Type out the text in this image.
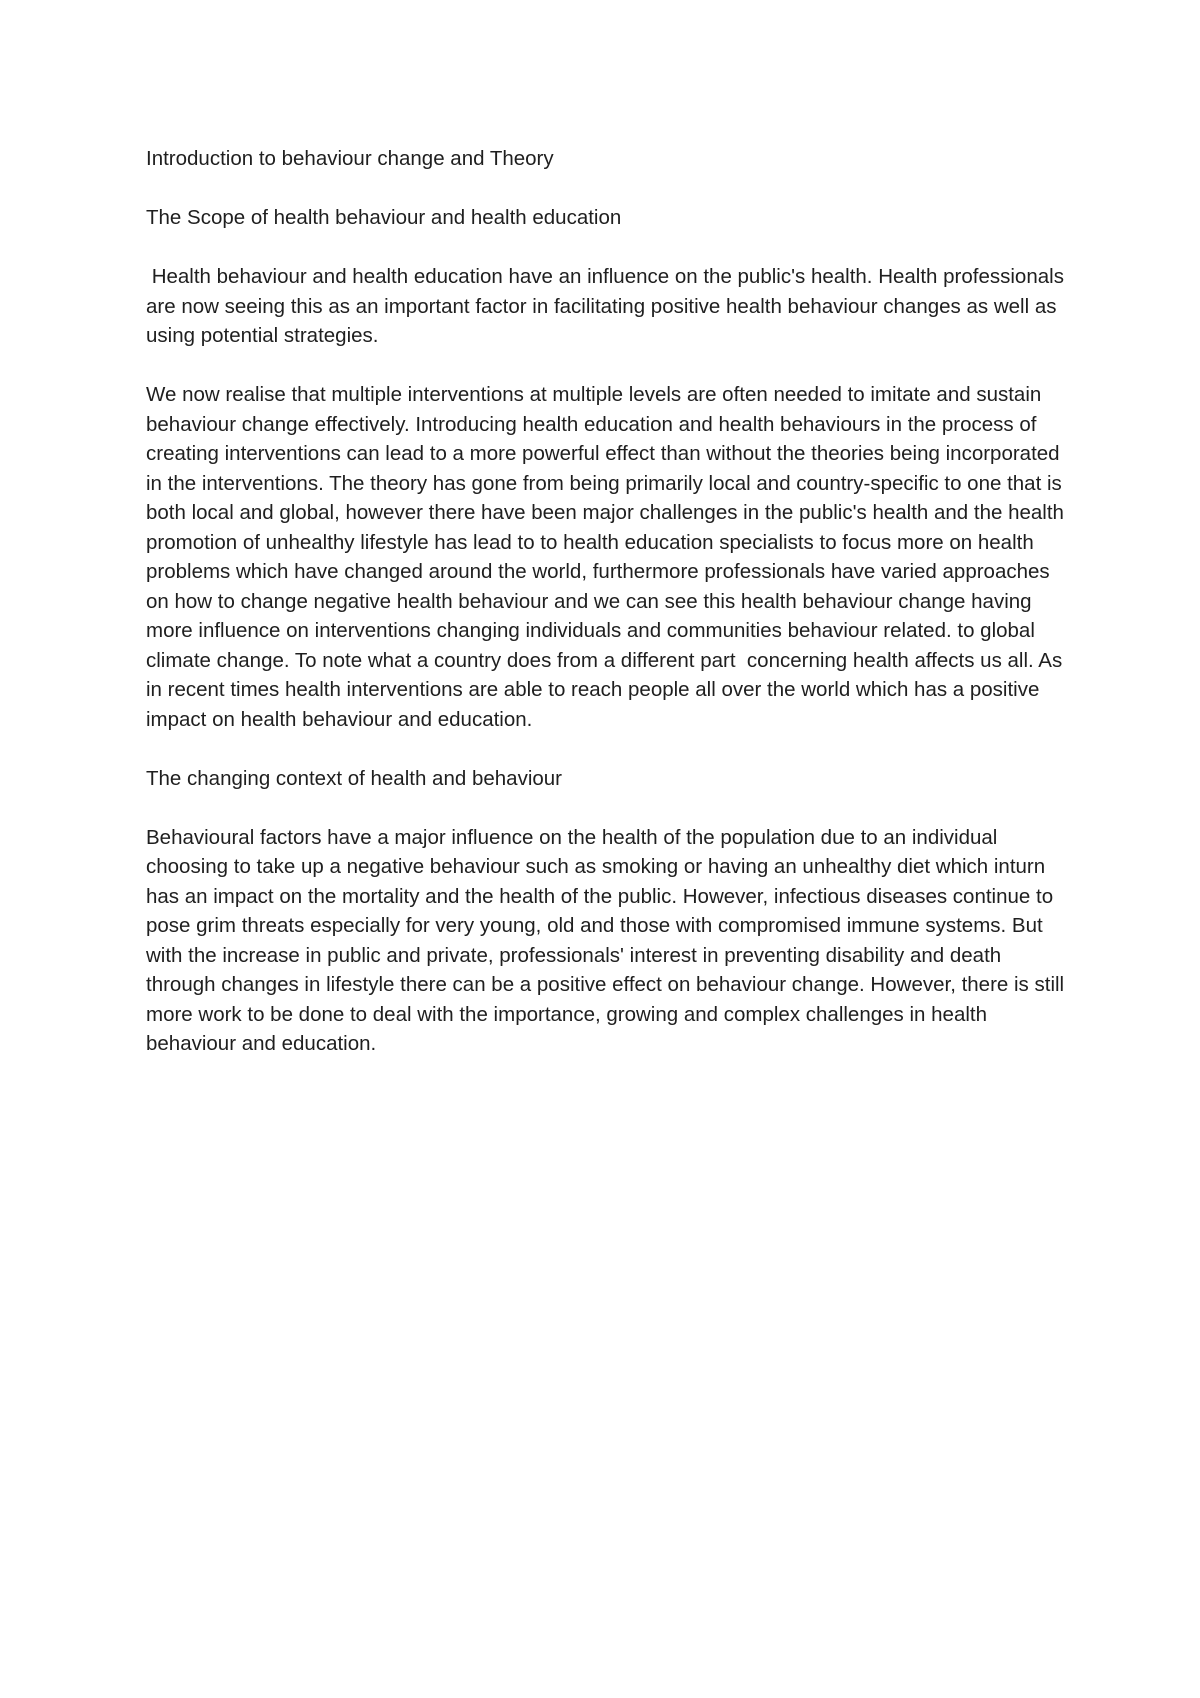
Introduction to behaviour change and Theory

The Scope of health behaviour and health education

Health behaviour and health education have an influence on the public's health. Health professionals are now seeing this as an important factor in facilitating positive health behaviour changes as well as using potential strategies.

We now realise that multiple interventions at multiple levels are often needed to imitate and sustain behaviour change effectively. Introducing health education and health behaviours in the process of creating interventions can lead to a more powerful effect than without the theories being incorporated in the interventions. The theory has gone from being primarily local and country-specific to one that is both local and global, however there have been major challenges in the public's health and the health promotion of unhealthy lifestyle has lead to to health education specialists to focus more on health problems which have changed around the world, furthermore professionals have varied approaches on how to change negative health behaviour and we can see this health behaviour change having more influence on interventions changing individuals and communities behaviour related. to global climate change. To note what a country does from a different part  concerning health affects us all. As in recent times health interventions are able to reach people all over the world which has a positive impact on health behaviour and education.

The changing context of health and behaviour

Behavioural factors have a major influence on the health of the population due to an individual choosing to take up a negative behaviour such as smoking or having an unhealthy diet which inturn has an impact on the mortality and the health of the public. However, infectious diseases continue to pose grim threats especially for very young, old and those with compromised immune systems. But with the increase in public and private, professionals' interest in preventing disability and death through changes in lifestyle there can be a positive effect on behaviour change. However, there is still more work to be done to deal with the importance, growing and complex challenges in health behaviour and education.
